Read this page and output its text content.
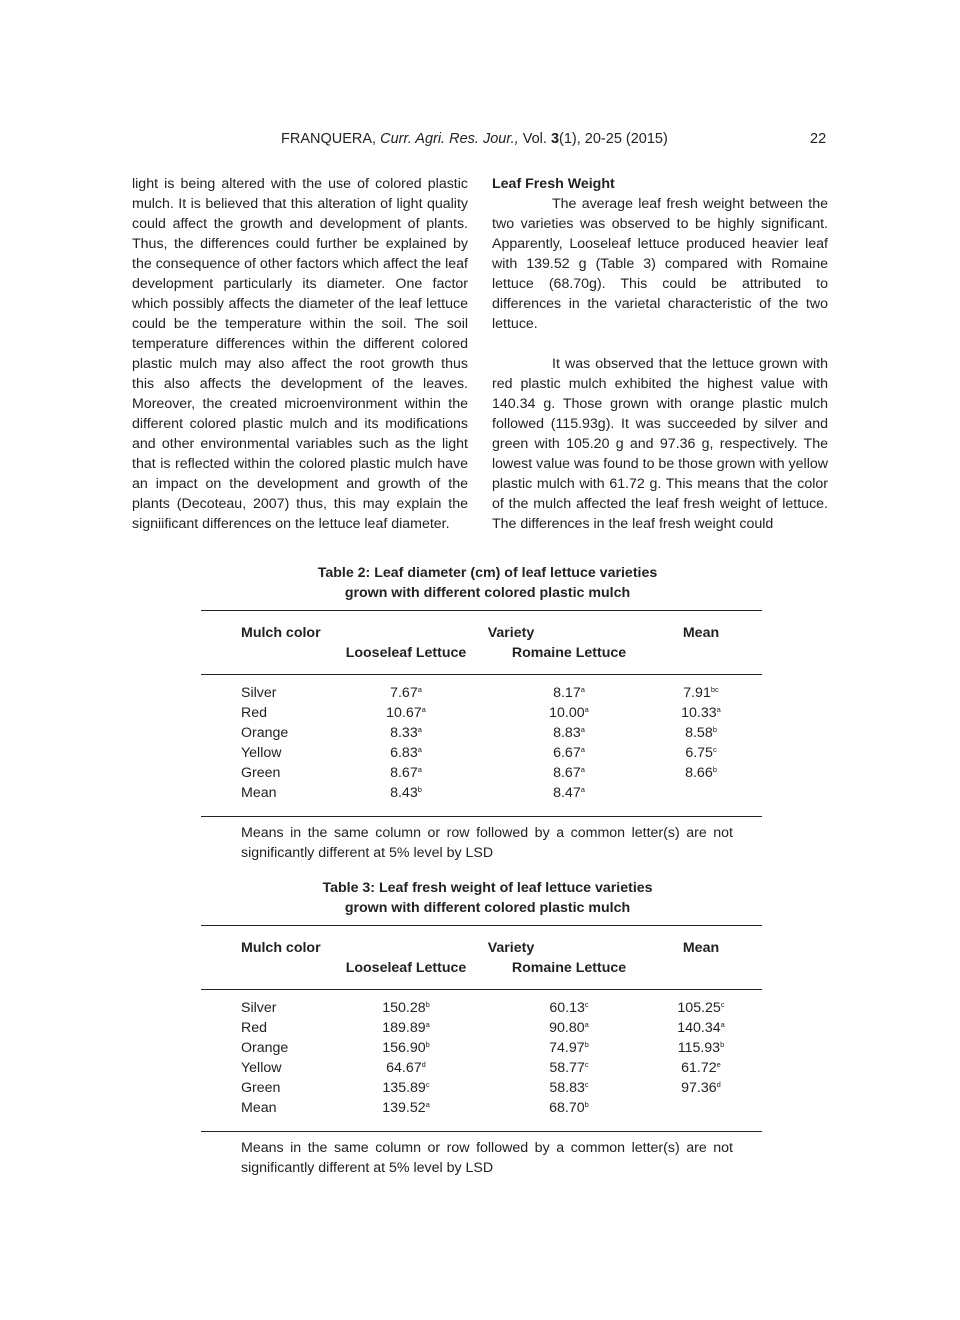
FRANQUERA, Curr. Agri. Res. Jour., Vol. 3(1), 20-25 (2015)	22

light is being altered with the use of colored plastic mulch. It is believed that this alteration of light quality could affect the growth and development of plants. Thus, the differences could further be explained by the consequence of other factors which affect the leaf development particularly its diameter. One factor which possibly affects the diameter of the leaf lettuce could be the temperature within the soil. The soil temperature differences within the different colored plastic mulch may also affect the root growth thus this also affects the development of the leaves. Moreover, the created microenvironment within the different colored plastic mulch and its modifications and other environmental variables such as the light that is reflected within the colored plastic mulch have an impact on the development and growth of the plants (Decoteau, 2007) thus, this may explain the signiificant differences on the lettuce leaf diameter.

Leaf Fresh Weight

The average leaf fresh weight between the two varieties was observed to be highly significant. Apparently, Looseleaf lettuce produced heavier leaf with 139.52 g (Table 3) compared with Romaine lettuce (68.70g). This could be attributed to differences in the varietal characteristic of the two lettuce.

It was observed that the lettuce grown with red plastic mulch exhibited the highest value with 140.34 g. Those grown with orange plastic mulch followed (115.93g). It was succeeded by silver and green with 105.20 g and 97.36 g, respectively. The lowest value was found to be those grown with yellow plastic mulch with 61.72 g. This means that the color of the mulch affected the leaf fresh weight of lettuce. The differences in the leaf fresh weight could

Table 2: Leaf diameter (cm) of leaf lettuce varieties
grown with different colored plastic mulch
Mulch color	Variety	Mean
Looseleaf Lettuce	Romaine Lettuce
Silver	7.67$^a$	8.17$^a$	7.91$^{bc}$
Red	10.67$^a$	10.00$^a$	10.33$^a$
Orange	8.33$^a$	8.83$^a$	8.58$^b$
Yellow	6.83$^a$	6.67$^a$	6.75$^c$
Green	8.67$^a$	8.67$^a$	8.66$^b$
Mean	8.43$^b$	8.47$^a$
Means in the same column or row followed by a common letter(s) are not significantly different at 5% level by LSD
Table 3: Leaf fresh weight of leaf lettuce varieties
grown with different colored plastic mulch
Mulch color	Variety	Mean
Looseleaf Lettuce	Romaine Lettuce
Silver	150.28$^b$	60.13$^c$	105.25$^c$
Red	189.89$^a$	90.80$^a$	140.34$^a$
Orange	156.90$^b$	74.97$^b$	115.93$^b$
Yellow	64.67$^d$	58.77$^c$	61.72e
Green	135.89$^c$	58.83$^c$	97.36$^d$
Mean	139.52$^a$	68.70$^b$
Means in the same column or row followed by a common letter(s) are not significantly different at 5% level by LSD
